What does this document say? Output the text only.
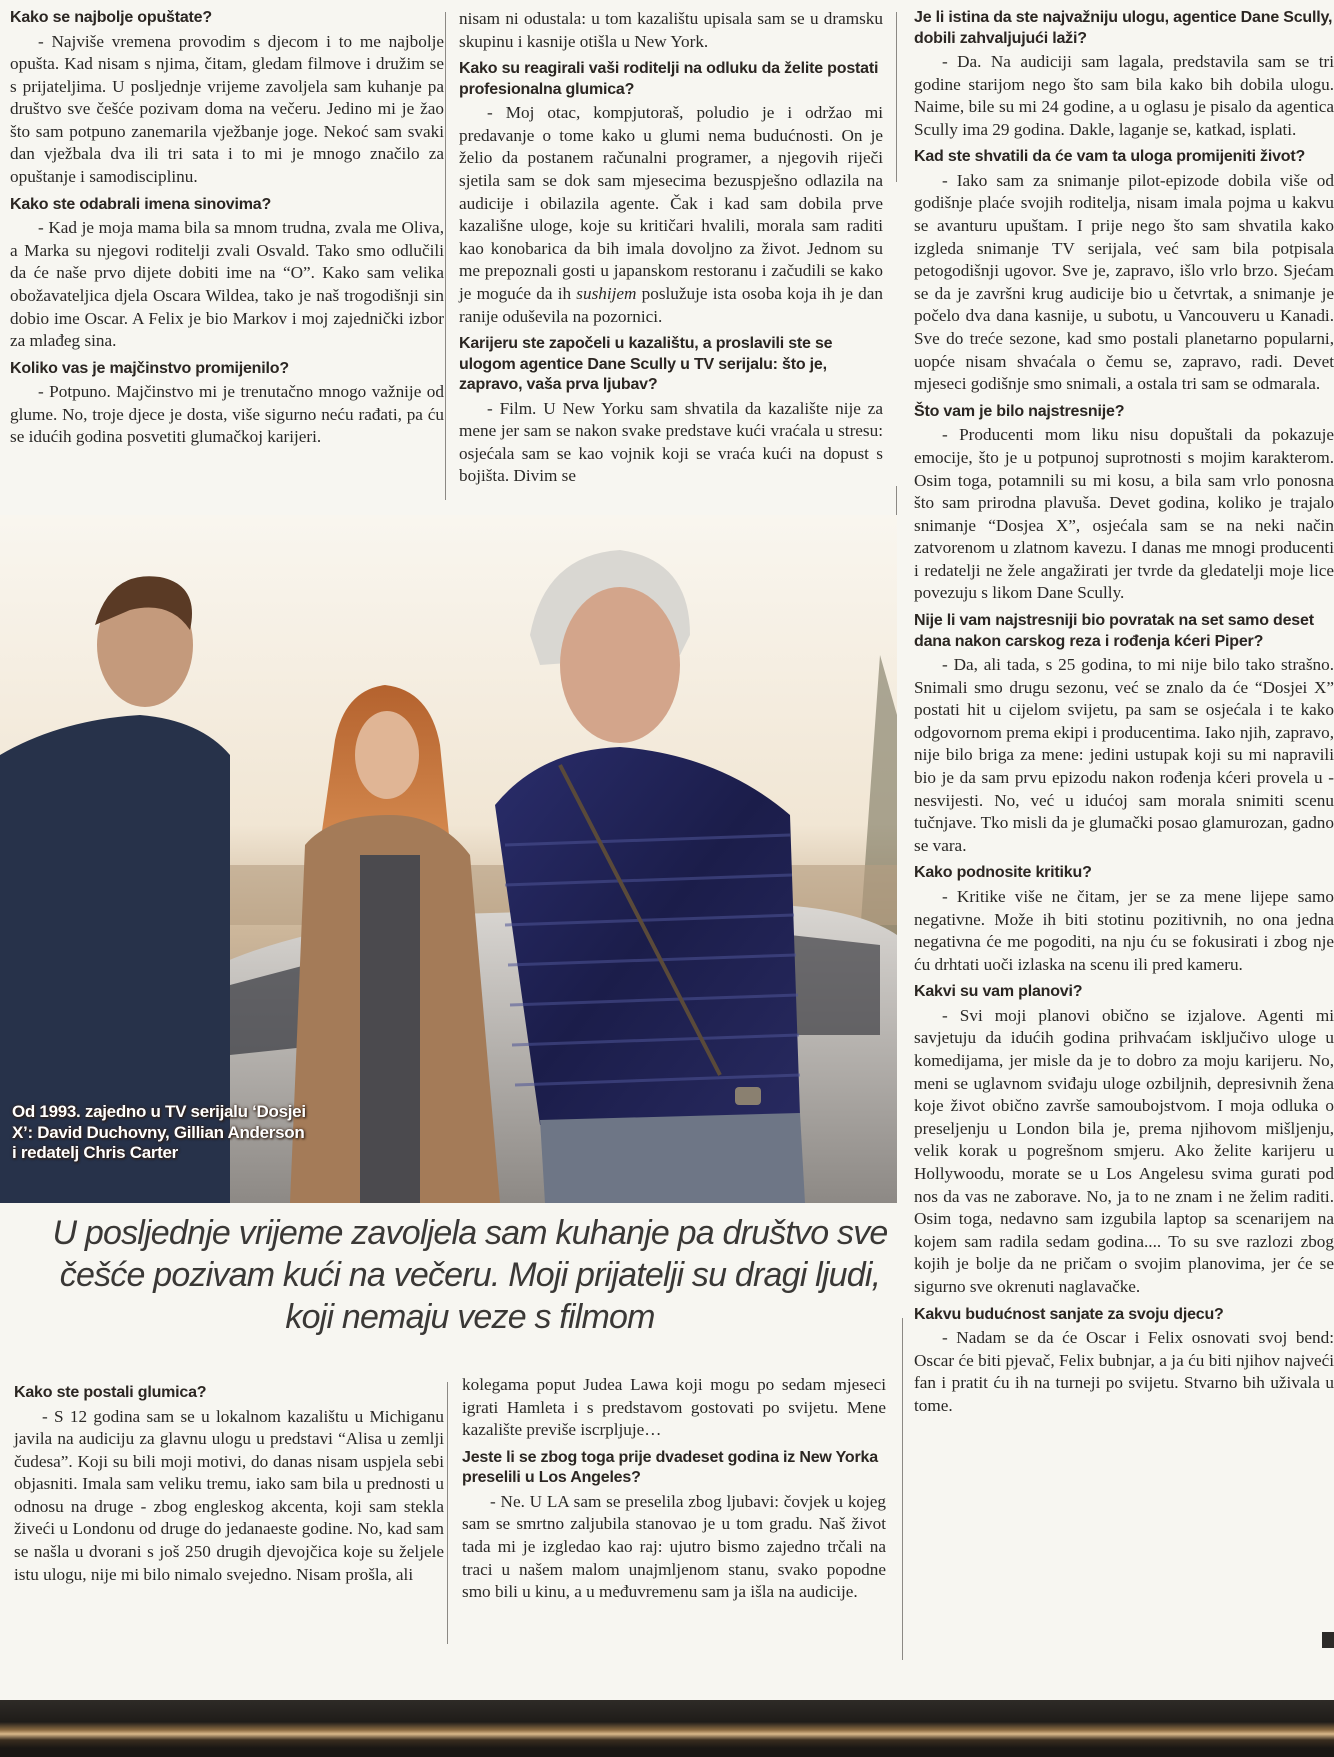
Kako se najbolje opuštate?

- Najviše vremena provodim s djecom i to me najbolje opušta. Kad nisam s njima, čitam, gledam filmove i družim se s prijateljima. U posljednje vrijeme zavoljela sam kuhanje pa društvo sve češće pozivam doma na večeru. Jedino mi je žao što sam potpuno zanemarila vježbanje joge. Nekoć sam svaki dan vježbala dva ili tri sata i to mi je mnogo značilo za opuštanje i samodisciplinu.

Kako ste odabrali imena sinovima?

- Kad je moja mama bila sa mnom trudna, zvala me Oliva, a Marka su njegovi roditelji zvali Osvald. Tako smo odlučili da će naše prvo dijete dobiti ime na “O”. Kako sam velika obožavateljica djela Oscara Wildea, tako je naš trogodišnji sin dobio ime Oscar. A Felix je bio Markov i moj zajednički izbor za mlađeg sina.

Koliko vas je majčinstvo promijenilo?

- Potpuno. Majčinstvo mi je trenutačno mnogo važnije od glume. No, troje djece je dosta, više sigurno neću rađati, pa ću se idućih godina posvetiti glumačkoj karijeri.

nisam ni odustala: u tom kazalištu upisala sam se u dramsku skupinu i kasnije otišla u New York.

Kako su reagirali vaši roditelji na odluku da želite postati profesionalna glumica?

- Moj otac, kompjutoraš, poludio je i održao mi predavanje o tome kako u glumi nema budućnosti. On je želio da postanem računalni programer, a njegovih riječi sjetila sam se dok sam mjesecima bezuspješno odlazila na audicije i obilazila agente. Čak i kad sam dobila prve kazališne uloge, koje su kritičari hvalili, morala sam raditi kao konobarica da bih imala dovoljno za život. Jednom su me prepoznali gosti u japanskom restoranu i začudili se kako je moguće da ih sushijem poslužuje ista osoba koja ih je dan ranije oduševila na pozornici.

Karijeru ste započeli u kazalištu, a proslavili ste se ulogom agentice Dane Scully u TV serijalu: što je, zapravo, vaša prva ljubav?

- Film. U New Yorku sam shvatila da kazalište nije za mene jer sam se nakon svake predstave kući vraćala u stresu: osjećala sam se kao vojnik koji se vraća kući na dopust s bojišta. Divim se

Je li istina da ste najvažniju ulogu, agentice Dane Scully, dobili zahvaljujući laži?

- Da. Na audiciji sam lagala, predstavila sam se tri godine starijom nego što sam bila kako bih dobila ulogu. Naime, bile su mi 24 godine, a u oglasu je pisalo da agentica Scully ima 29 godina. Dakle, laganje se, katkad, isplati.

Kad ste shvatili da će vam ta uloga promijeniti život?

- Iako sam za snimanje pilot-epizode dobila više od godišnje plaće svojih roditelja, nisam imala pojma u kakvu se avanturu upuštam. I prije nego što sam shvatila kako izgleda snimanje TV serijala, već sam bila potpisala petogodišnji ugovor. Sve je, zapravo, išlo vrlo brzo. Sjećam se da je završni krug audicije bio u četvrtak, a snimanje je počelo dva dana kasnije, u subotu, u Vancouveru u Kanadi. Sve do treće sezone, kad smo postali planetarno popularni, uopće nisam shvaćala o čemu se, zapravo, radi. Devet mjeseci godišnje smo snimali, a ostala tri sam se odmarala.

Što vam je bilo najstresnije?

- Producenti mom liku nisu dopuštali da pokazuje emocije, što je u potpunoj suprotnosti s mojim karakterom. Osim toga, potamnili su mi kosu, a bila sam vrlo ponosna što sam prirodna plavuša. Devet godina, koliko je trajalo snimanje “Dosjea X”, osjećala sam se na neki način zatvorenom u zlatnom kavezu. I danas me mnogi producenti i redatelji ne žele angažirati jer tvrde da gledatelji moje lice povezuju s likom Dane Scully.

Nije li vam najstresniji bio povratak na set samo deset dana nakon carskog reza i rođenja kćeri Piper?

- Da, ali tada, s 25 godina, to mi nije bilo tako strašno. Snimali smo drugu sezonu, već se znalo da će “Dosjei X” postati hit u cijelom svijetu, pa sam se osjećala i te kako odgovornom prema ekipi i producentima. Iako njih, zapravo, nije bilo briga za mene: jedini ustupak koji su mi napravili bio je da sam prvu epizodu nakon rođenja kćeri provela u - nesvijesti. No, već u idućoj sam morala snimiti scenu tučnjave. Tko misli da je glumački posao glamurozan, gadno se vara.

Kako podnosite kritiku?

- Kritike više ne čitam, jer se za mene lijepe samo negativne. Može ih biti stotinu pozitivnih, no ona jedna negativna će me pogoditi, na nju ću se fokusirati i zbog nje ću drhtati uoči izlaska na scenu ili pred kameru.

Kakvi su vam planovi?

- Svi moji planovi obično se izjalove. Agenti mi savjetuju da idućih godina prihvaćam isključivo uloge u komedijama, jer misle da je to dobro za moju karijeru. No, meni se uglavnom sviđaju uloge ozbiljnih, depresivnih žena koje život obično završe samoubojstvom. I moja odluka o preseljenju u London bila je, prema njihovom mišljenju, velik korak u pogrešnom smjeru. Ako želite karijeru u Hollywoodu, morate se u Los Angelesu svima gurati pod nos da vas ne zaborave. No, ja to ne znam i ne želim raditi. Osim toga, nedavno sam izgubila laptop sa scenarijem na kojem sam radila sedam godina.... To su sve razlozi zbog kojih je bolje da ne pričam o svojim planovima, jer će se sigurno sve okrenuti naglavačke.

Kakvu budućnost sanjate za svoju djecu?

- Nadam se da će Oscar i Felix osnovati svoj bend: Oscar će biti pjevač, Felix bubnjar, a ja ću biti njihov najveći fan i pratit ću ih na turneji po svijetu. Stvarno bih uživala u tome.

Od 1993. zajedno u TV serijalu ‘Dosjei X’: David Duchovny, Gillian Anderson i redatelj Chris Carter
U posljednje vrijeme zavoljela sam kuhanje pa društvo sve češće pozivam kući na večeru. Moji prijatelji su dragi ljudi, koji nemaju veze s filmom
Kako ste postali glumica?

- S 12 godina sam se u lokalnom kazalištu u Michiganu javila na audiciju za glavnu ulogu u predstavi “Alisa u zemlji čudesa”. Koji su bili moji motivi, do danas nisam uspjela sebi objasniti. Imala sam veliku tremu, iako sam bila u prednosti u odnosu na druge - zbog engleskog akcenta, koji sam stekla živeći u Londonu od druge do jedanaeste godine. No, kad sam se našla u dvorani s još 250 drugih djevojčica koje su željele istu ulogu, nije mi bilo nimalo svejedno. Nisam prošla, ali

kolegama poput Judea Lawa koji mogu po sedam mjeseci igrati Hamleta i s predstavom gostovati po svijetu. Mene kazalište previše iscrpljuje…

Jeste li se zbog toga prije dvadeset godina iz New Yorka preselili u Los Angeles?

- Ne. U LA sam se preselila zbog ljubavi: čovjek u kojeg sam se smrtno zaljubila stanovao je u tom gradu. Naš život tada mi je izgledao kao raj: ujutro bismo zajedno trčali na traci u našem malom unajmljenom stanu, svako popodne smo bili u kinu, a u međuvremenu sam ja išla na audicije.
